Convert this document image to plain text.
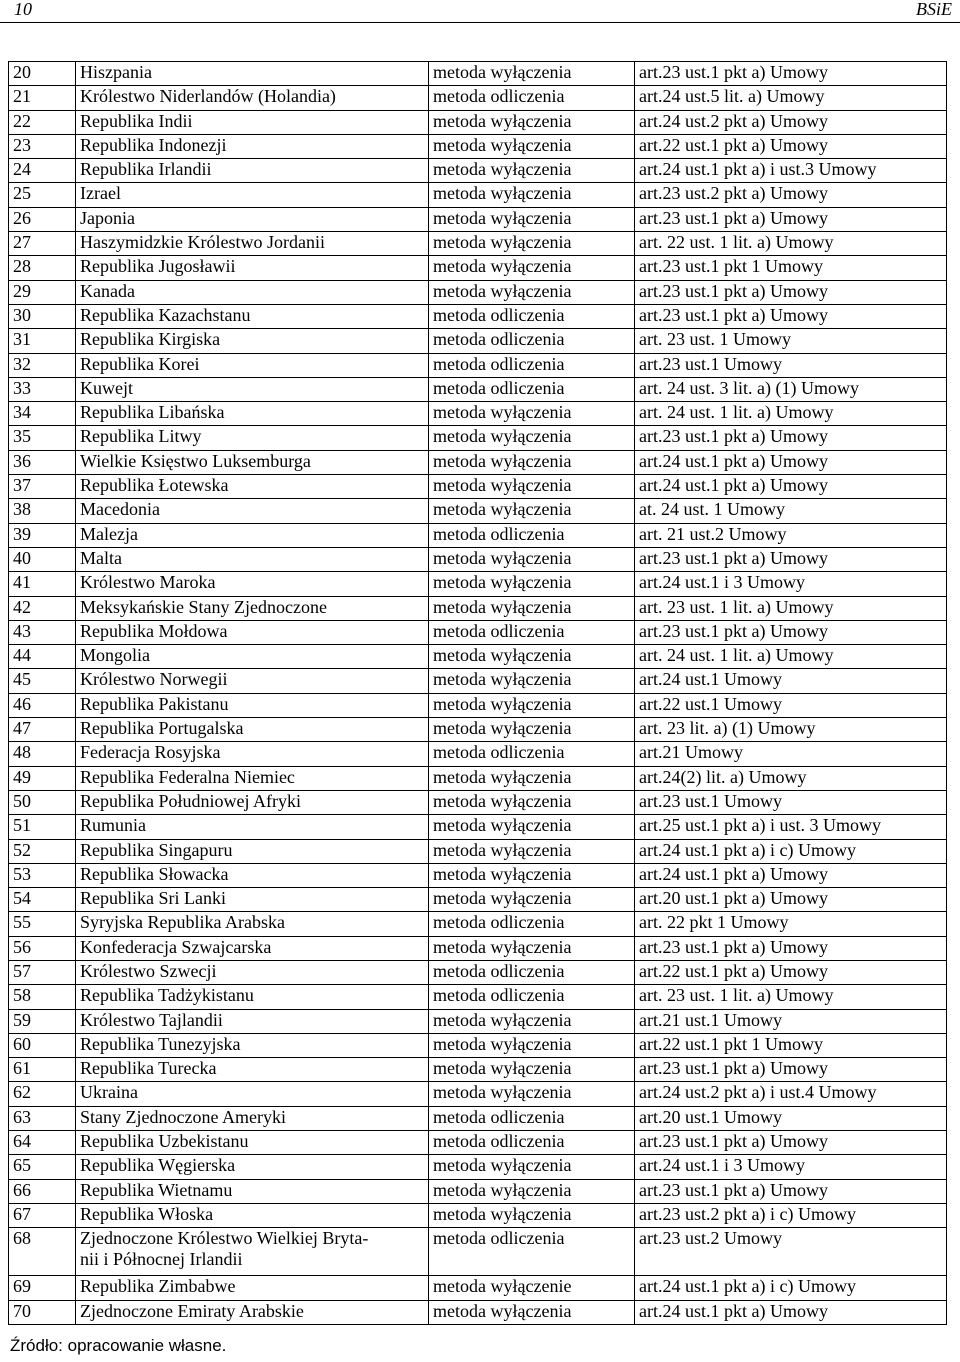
10	BSiE
20	Hiszpania	metoda wyłączenia	art.23 ust.1 pkt a) Umowy
21	Królestwo Niderlandów (Holandia)	metoda odliczenia	art.24 ust.5 lit. a) Umowy
22	Republika Indii	metoda wyłączenia	art.24 ust.2 pkt a) Umowy
23	Republika Indonezji	metoda wyłączenia	art.22 ust.1 pkt a) Umowy
24	Republika Irlandii	metoda wyłączenia	art.24 ust.1 pkt a) i ust.3 Umowy
25	Izrael	metoda wyłączenia	art.23 ust.2 pkt a) Umowy
26	Japonia	metoda wyłączenia	art.23 ust.1 pkt a) Umowy
27	Haszymidzkie Królestwo Jordanii	metoda wyłączenia	art. 22 ust. 1 lit. a) Umowy
28	Republika Jugosławii	metoda wyłączenia	art.23 ust.1 pkt 1 Umowy
29	Kanada	metoda wyłączenia	art.23 ust.1 pkt a) Umowy
30	Republika Kazachstanu	metoda odliczenia	art.23 ust.1 pkt a) Umowy
31	Republika Kirgiska	metoda odliczenia	art. 23 ust. 1 Umowy
32	Republika Korei	metoda odliczenia	art.23 ust.1 Umowy
33	Kuwejt	metoda odliczenia	art. 24 ust. 3 lit. a) (1) Umowy
34	Republika Libańska	metoda wyłączenia	art. 24 ust. 1 lit. a) Umowy
35	Republika Litwy	metoda wyłączenia	art.23 ust.1 pkt a) Umowy
36	Wielkie Księstwo Luksemburga	metoda wyłączenia	art.24 ust.1 pkt a) Umowy
37	Republika Łotewska	metoda wyłączenia	art.24 ust.1 pkt a) Umowy
38	Macedonia	metoda wyłączenia	at. 24 ust. 1 Umowy
39	Malezja	metoda odliczenia	art. 21 ust.2 Umowy
40	Malta	metoda wyłączenia	art.23 ust.1 pkt a) Umowy
41	Królestwo Maroka	metoda wyłączenia	art.24 ust.1 i 3 Umowy
42	Meksykańskie Stany Zjednoczone	metoda wyłączenia	art. 23 ust. 1 lit. a) Umowy
43	Republika Mołdowa	metoda odliczenia	art.23 ust.1 pkt a) Umowy
44	Mongolia	metoda wyłączenia	art. 24 ust. 1 lit. a) Umowy
45	Królestwo Norwegii	metoda wyłączenia	art.24 ust.1 Umowy
46	Republika Pakistanu	metoda wyłączenia	art.22 ust.1 Umowy
47	Republika Portugalska	metoda wyłączenia	art. 23 lit. a) (1) Umowy
48	Federacja Rosyjska	metoda odliczenia	art.21 Umowy
49	Republika Federalna Niemiec	metoda wyłączenia	art.24(2) lit. a) Umowy
50	Republika Południowej Afryki	metoda wyłączenia	art.23 ust.1 Umowy
51	Rumunia	metoda wyłączenia	art.25 ust.1 pkt a) i ust. 3 Umowy
52	Republika Singapuru	metoda wyłączenia	art.24 ust.1 pkt a) i c) Umowy
53	Republika Słowacka	metoda wyłączenia	art.24 ust.1 pkt a) Umowy
54	Republika Sri Lanki	metoda wyłączenia	art.20 ust.1 pkt a) Umowy
55	Syryjska Republika Arabska	metoda odliczenia	art. 22 pkt 1 Umowy
56	Konfederacja Szwajcarska	metoda wyłączenia	art.23 ust.1 pkt a) Umowy
57	Królestwo Szwecji	metoda odliczenia	art.22 ust.1 pkt a) Umowy
58	Republika Tadżykistanu	metoda odliczenia	art. 23 ust. 1 lit. a) Umowy
59	Królestwo Tajlandii	metoda wyłączenia	art.21 ust.1 Umowy
60	Republika Tunezyjska	metoda wyłączenia	art.22 ust.1 pkt 1 Umowy
61	Republika Turecka	metoda wyłączenia	art.23 ust.1 pkt a) Umowy
62	Ukraina	metoda wyłączenia	art.24 ust.2 pkt a) i ust.4 Umowy
63	Stany Zjednoczone Ameryki	metoda odliczenia	art.20 ust.1 Umowy
64	Republika Uzbekistanu	metoda odliczenia	art.23 ust.1 pkt a) Umowy
65	Republika Węgierska	metoda wyłączenia	art.24 ust.1 i 3 Umowy
66	Republika Wietnamu	metoda wyłączenia	art.23 ust.1 pkt a) Umowy
67	Republika Włoska	metoda wyłączenia	art.23 ust.2 pkt a) i c) Umowy
68	Zjednoczone Królestwo Wielkiej Bryta-
nii i Północnej Irlandii	metoda odliczenia	art.23 ust.2 Umowy
69	Republika Zimbabwe	metoda wyłączenie	art.24 ust.1 pkt a) i c) Umowy
70	Zjednoczone Emiraty Arabskie	metoda wyłączenia	art.24 ust.1 pkt a) Umowy
Źródło: opracowanie własne.
